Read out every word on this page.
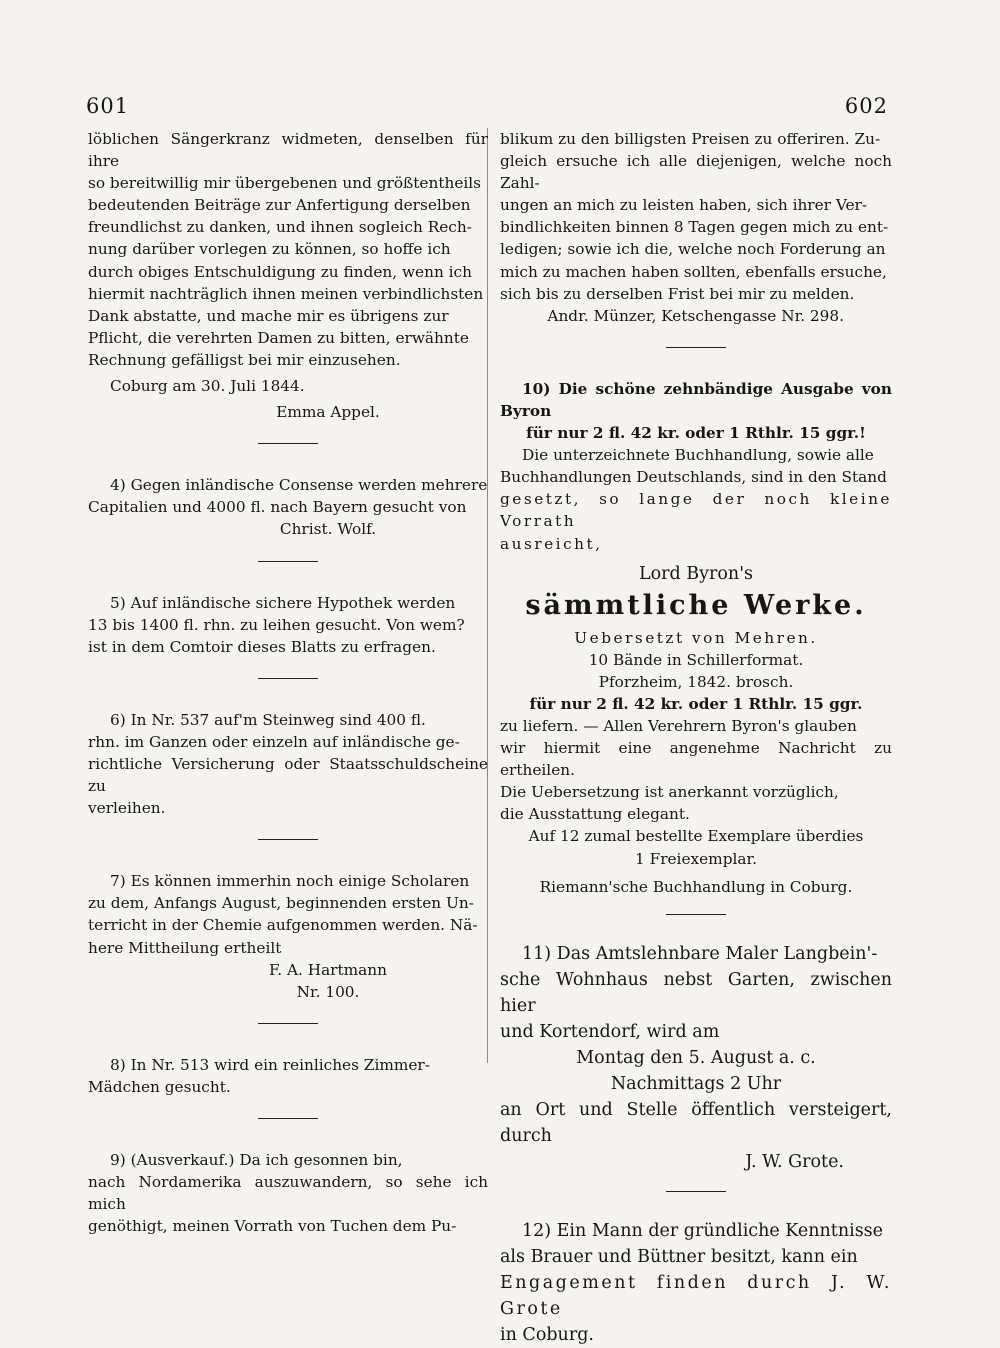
601	602

löblichen Sängerkranz widmeten, denselben für ihre

so bereitwillig mir übergebenen und größtentheils

bedeutenden Beiträge zur Anfertigung derselben

freundlichst zu danken, und ihnen sogleich Rech-

nung darüber vorlegen zu können, so hoffe ich

durch obiges Entschuldigung zu finden, wenn ich

hiermit nachträglich ihnen meinen verbindlichsten

Dank abstatte, und mache mir es übrigens zur

Pflicht, die verehrten Damen zu bitten, erwähnte

Rechnung gefälligst bei mir einzusehen.

Coburg am 30. Juli 1844.

Emma Appel.

4) Gegen inländische Consense werden mehrere

Capitalien und 4000 fl. nach Bayern gesucht von

Christ. Wolf.

5) Auf inländische sichere Hypothek werden

13 bis 1400 fl. rhn. zu leihen gesucht. Von wem?

ist in dem Comtoir dieses Blatts zu erfragen.

6) In Nr. 537 auf'm Steinweg sind 400 fl.

rhn. im Ganzen oder einzeln auf inländische ge-

richtliche Versicherung oder Staatsschuldscheine zu

verleihen.

7) Es können immerhin noch einige Scholaren

zu dem, Anfangs August, beginnenden ersten Un-

terricht in der Chemie aufgenommen werden. Nä-

here Mittheilung ertheilt

F. A. Hartmann

Nr. 100.

8) In Nr. 513 wird ein reinliches Zimmer-

Mädchen gesucht.

9) (Ausverkauf.) Da ich gesonnen bin,

nach Nordamerika auszuwandern, so sehe ich mich

genöthigt, meinen Vorrath von Tuchen dem Pu-

blikum zu den billigsten Preisen zu offeriren. Zu-

gleich ersuche ich alle diejenigen, welche noch Zahl-

ungen an mich zu leisten haben, sich ihrer Ver-

bindlichkeiten binnen 8 Tagen gegen mich zu ent-

ledigen; sowie ich die, welche noch Forderung an

mich zu machen haben sollten, ebenfalls ersuche,

sich bis zu derselben Frist bei mir zu melden.

Andr. Münzer, Ketschengasse Nr. 298.

10) Die schöne zehnbändige Ausgabe von Byron

für nur 2 fl. 42 kr. oder 1 Rthlr. 15 ggr.!

Die unterzeichnete Buchhandlung, sowie alle

Buchhandlungen Deutschlands, sind in den Stand

gesetzt, so lange der noch kleine Vorrath

ausreicht,

Lord Byron's

sämmtliche Werke.

Uebersetzt von Mehren.

10 Bände in Schillerformat.

Pforzheim, 1842. brosch.

für nur 2 fl. 42 kr. oder 1 Rthlr. 15 ggr.

zu liefern. — Allen Verehrern Byron's glauben

wir hiermit eine angenehme Nachricht zu ertheilen.

Die Uebersetzung ist anerkannt vorzüglich,

die Ausstattung elegant.

Auf 12 zumal bestellte Exemplare überdies

1 Freiexemplar.

Riemann'sche Buchhandlung in Coburg.

11) Das Amtslehnbare Maler Langbein'-

sche Wohnhaus nebst Garten, zwischen hier

und Kortendorf, wird am

Montag den 5. August a. c.

Nachmittags 2 Uhr

an Ort und Stelle öffentlich versteigert, durch

J. W. Grote.

12) Ein Mann der gründliche Kenntnisse

als Brauer und Büttner besitzt, kann ein

Engagement finden durch J. W. Grote

in Coburg.
